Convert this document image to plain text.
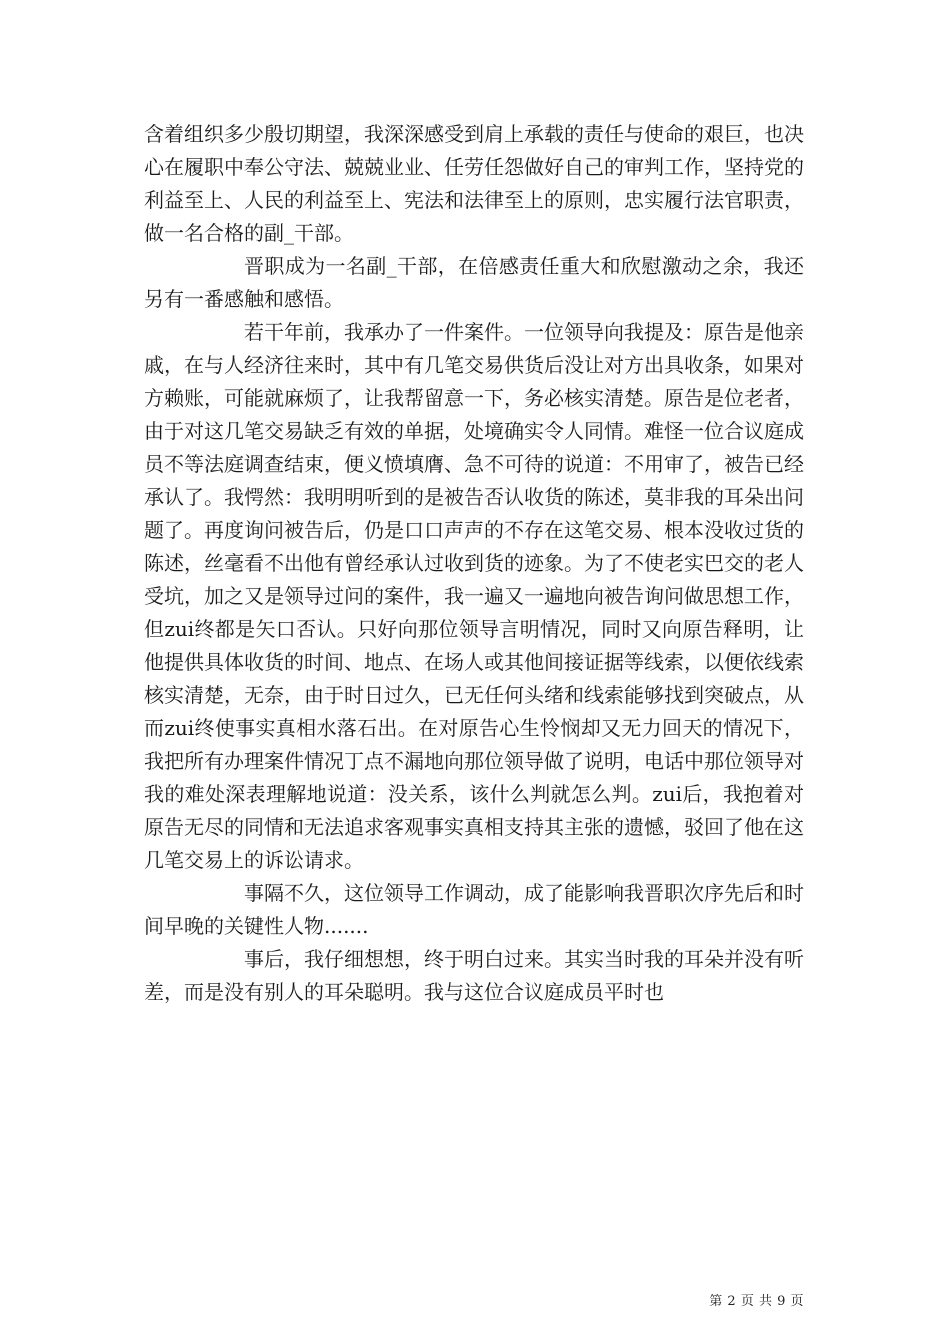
含着组织多少殷切期望，我深深感受到肩上承载的责任与使命的艰巨，也决心在履职中奉公守法、兢兢业业、任劳任怨做好自己的审判工作，坚持党的利益至上、人民的利益至上、宪法和法律至上的原则，忠实履行法官职责，做一名合格的副_干部。

晋职成为一名副_干部，在倍感责任重大和欣慰激动之余，我还另有一番感触和感悟。

若干年前，我承办了一件案件。一位领导向我提及：原告是他亲戚，在与人经济往来时，其中有几笔交易供货后没让对方出具收条，如果对方赖账，可能就麻烦了，让我帮留意一下，务必核实清楚。原告是位老者，由于对这几笔交易缺乏有效的单据，处境确实令人同情。难怪一位合议庭成员不等法庭调查结束，便义愤填膺、急不可待的说道：不用审了，被告已经承认了。我愕然：我明明听到的是被告否认收货的陈述，莫非我的耳朵出问题了。再度询问被告后，仍是口口声声的不存在这笔交易、根本没收过货的陈述，丝毫看不出他有曾经承认过收到货的迹象。为了不使老实巴交的老人受坑，加之又是领导过问的案件，我一遍又一遍地向被告询问做思想工作，但zui终都是矢口否认。只好向那位领导言明情况，同时又向原告释明，让他提供具体收货的时间、地点、在场人或其他间接证据等线索，以便依线索核实清楚，无奈，由于时日过久，已无任何头绪和线索能够找到突破点，从而zui终使事实真相水落石出。在对原告心生怜悯却又无力回天的情况下，我把所有办理案件情况丁点不漏地向那位领导做了说明，电话中那位领导对我的难处深表理解地说道：没关系，该什么判就怎么判。zui后，我抱着对原告无尽的同情和无法追求客观事实真相支持其主张的遗憾，驳回了他在这几笔交易上的诉讼请求。

事隔不久，这位领导工作调动，成了能影响我晋职次序先后和时间早晚的关键性人物.......

事后，我仔细想想，终于明白过来。其实当时我的耳朵并没有听差，而是没有别人的耳朵聪明。我与这位合议庭成员平时也

第 2 页 共 9 页
